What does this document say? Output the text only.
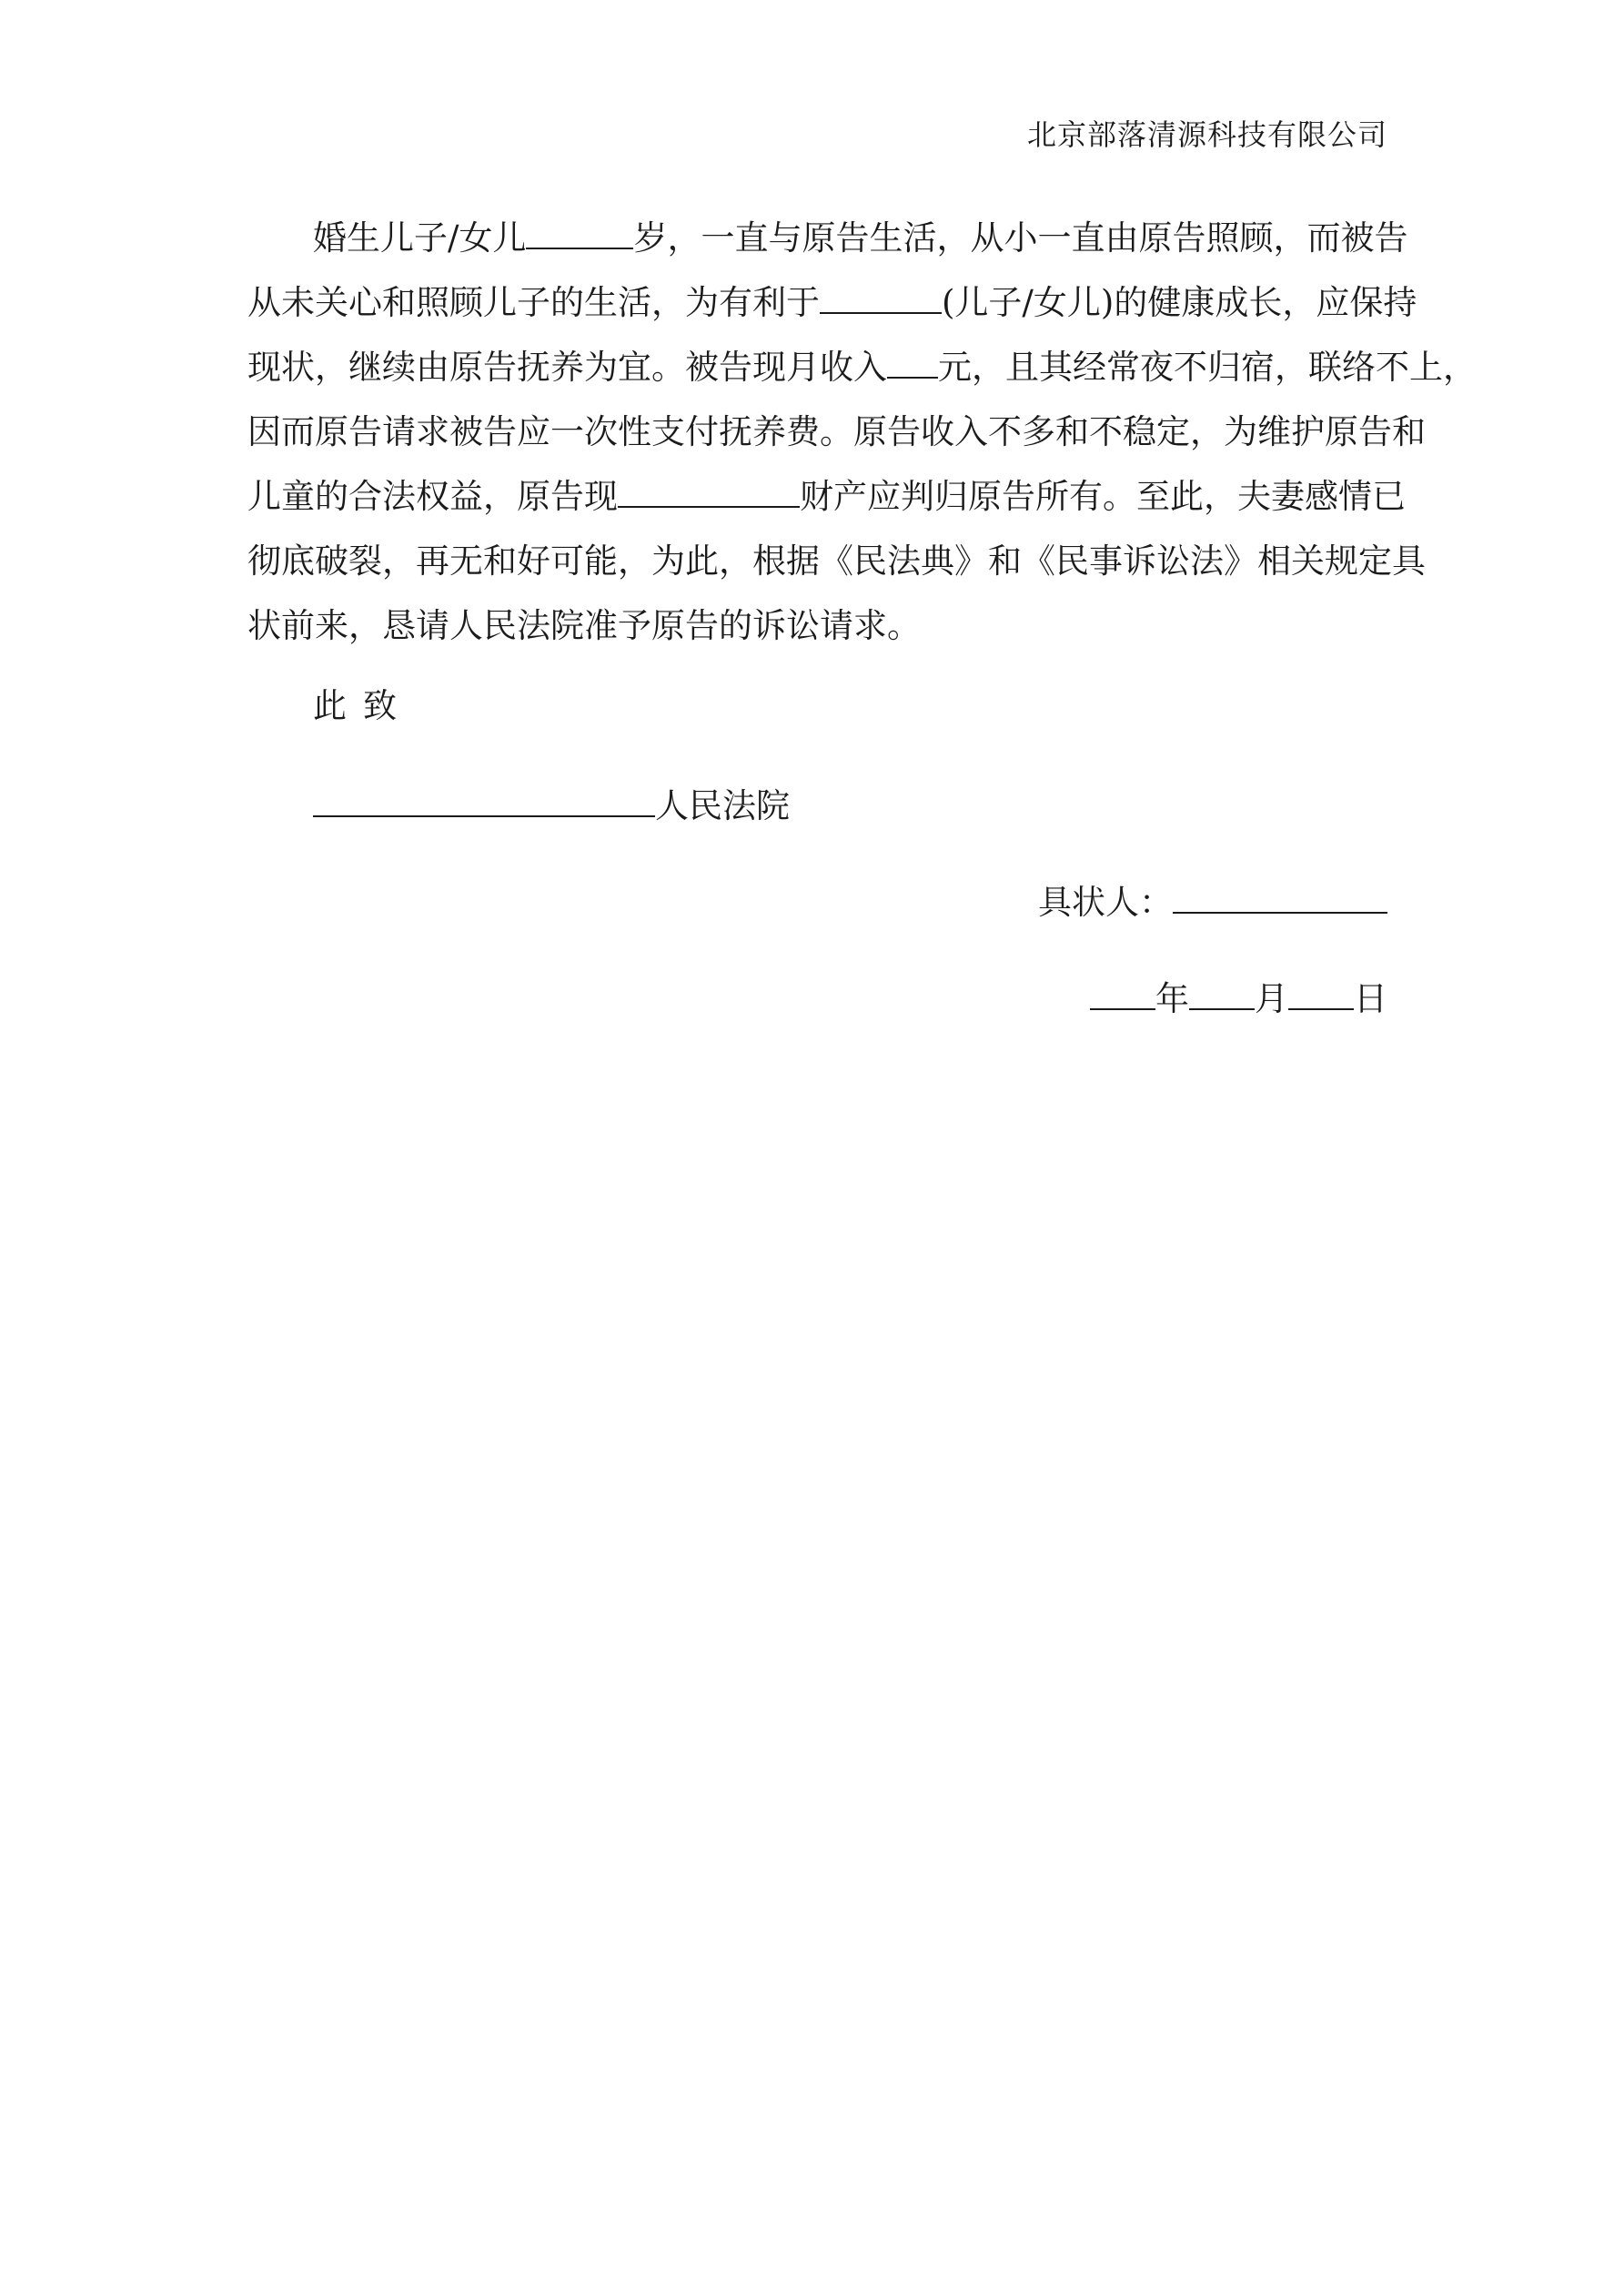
北京部落清源科技有限公司
婚生儿子/女儿	岁，一直与原告生活，从小一直由原告照顾，而被告
从未关心和照顾儿子的生活，为有利于	(儿子/女儿)的健康成长，应保持
现状，继续由原告抚养为宜。被告现月收入 元，且其经常夜不归宿，联络不上，
因而原告请求被告应一次性支付抚养费。原告收入不多和不稳定，为维护原告和
儿童的合法权益，原告现	财产应判归原告所有。至此，夫妻感情已
彻底破裂，再无和好可能，为此，根据《民法典》和《民事诉讼法》相关规定具
状前来，恳请人民法院准予原告的诉讼请求。
此致
人民法院
具状人：
年 月 日
